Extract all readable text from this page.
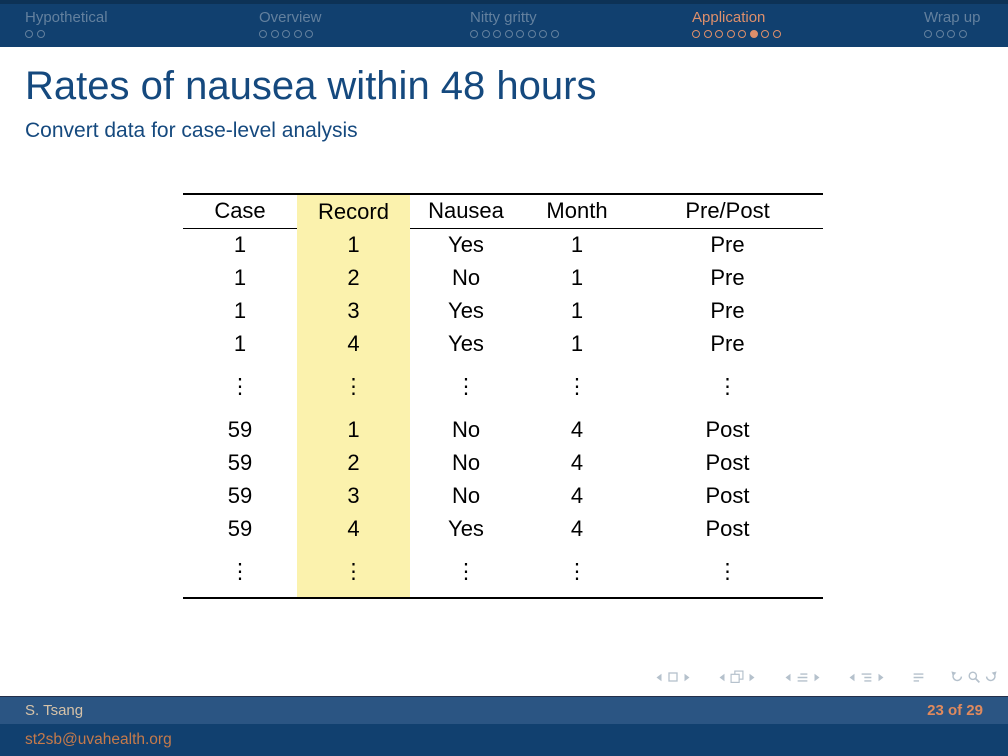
Hypothetical	Overview	Nitty gritty	Application	Wrap up
Rates of nausea within 48 hours
Convert data for case-level analysis
Case	Record	Nausea	Month	Pre/Post
1	1	Yes	1	Pre
1	2	No	1	Pre
1	3	Yes	1	Pre
1	4	Yes	1	Pre
⋮	⋮	⋮	⋮	⋮
59	1	No	4	Post
59	2	No	4	Post
59	3	No	4	Post
59	4	Yes	4	Post
⋮	⋮	⋮	⋮	⋮
S. Tsang	23 of 29
st2sb@uvahealth.org
